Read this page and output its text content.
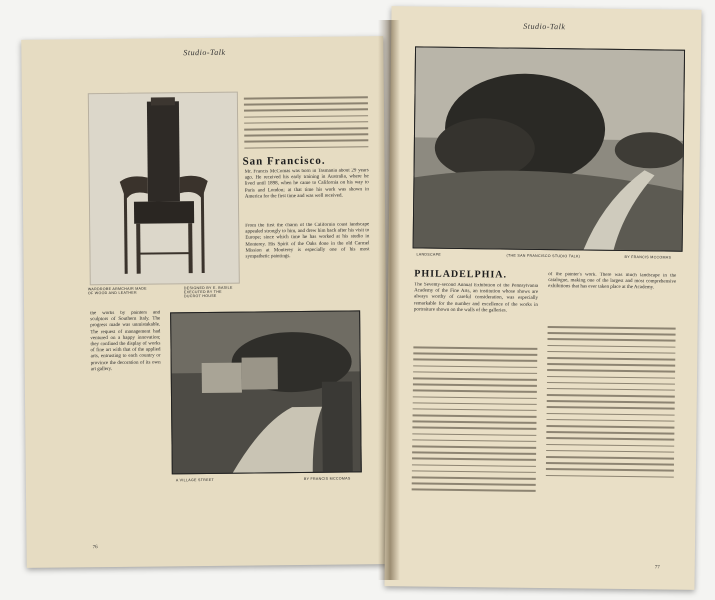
Studio-Talk
WARDROBE ARMCHAIR MADE OF WOOD AND LEATHER
DESIGNED BY E. BASILE EXECUTED BY THE DUCROT HOUSE
San Francisco.
Mr. Francis McComas was born in Tasmania about 29 years ago. He received his early training in Australia, where he lived until 1898, when he came to California on his way to Paris and London; at that time his work was shown in America for the first time and was well received.
From the first the charm of the California coast landscape appealed strongly to him, and drew him back after his visit to Europe; since which time he has worked at his studio in Monterey. His Spirit of the Oaks done in the old Carmel Mission at Monterey is especially one of his most sympathetic paintings.
the works by painters and sculptors of Southern Italy. The progress made was unmistakable. The request of management had ventured on a happy innovation; they confined the display of works of fine art with that of the applied arts, entrusting to each country or province the decoration of its own art gallery.
A VILLAGE STREET	BY FRANCIS MCCOMAS
76
Studio-Talk
LANDSCAPE	(THE SAN FRANCISCO STUDIO TALK)	BY FRANCIS MCCOMAS
PHILADELPHIA.
The Seventy-second Annual Exhibition of the Pennsylvania Academy of the Fine Arts, an institution whose shows are always worthy of careful consideration, was especially remarkable for the number and excellence of the works in portraiture shown on the walls of the galleries.
of the painter's work. There was much landscape in the catalogue, making one of the largest and most comprehensive exhibitions that has ever taken place at the Academy.
77
